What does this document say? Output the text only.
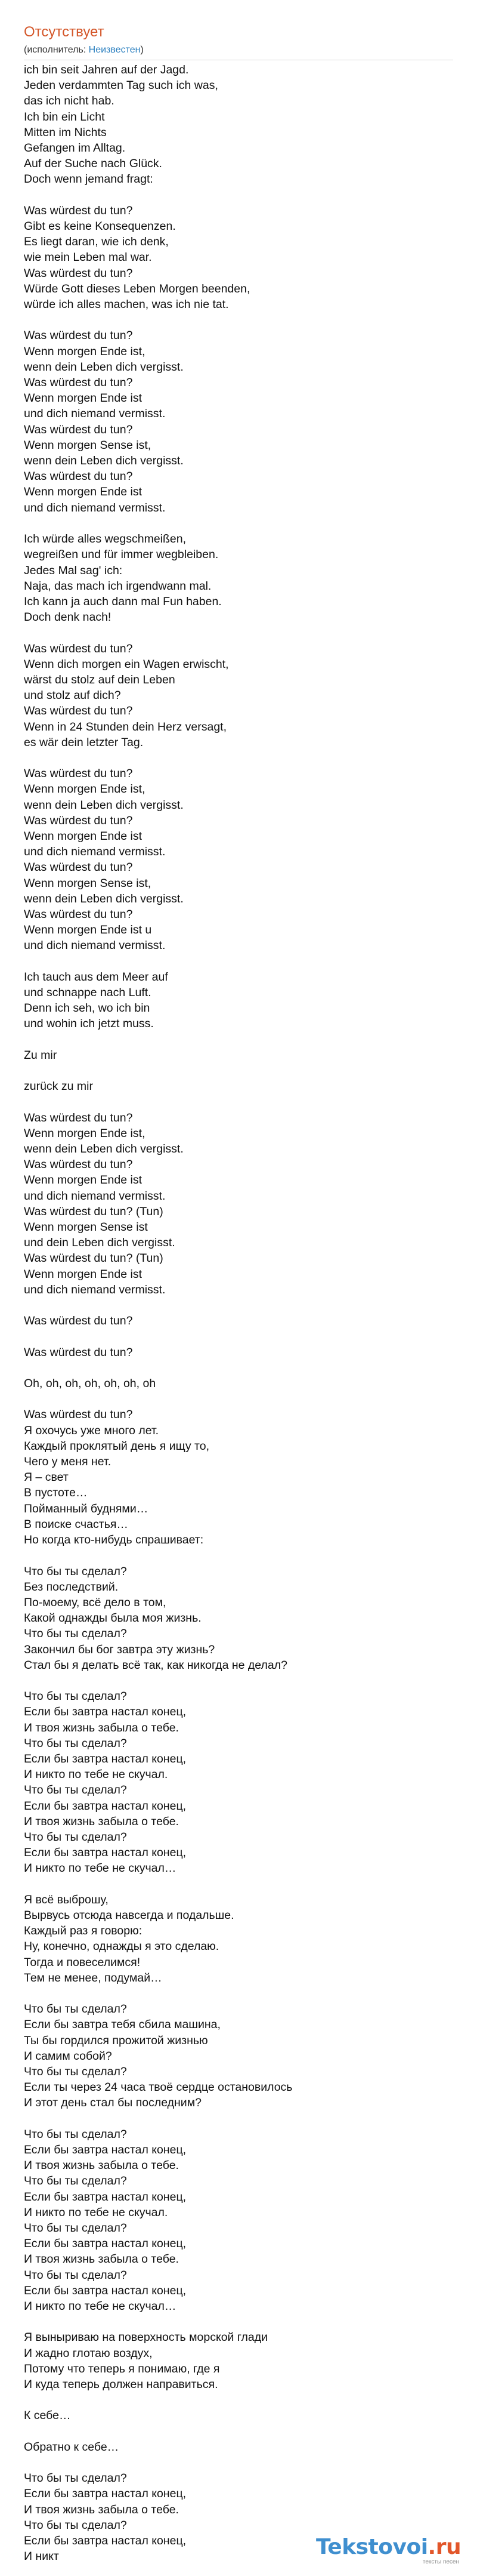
Отсутствует
(исполнитель: Неизвестен)
ich bin seit Jahren auf der Jagd.
Jeden verdammten Tag such ich was,
das ich nicht hab.
Ich bin ein Licht
Mitten im Nichts
Gefangen im Alltag.
Auf der Suche nach Glück.
Doch wenn jemand fragt:

Was würdest du tun?
Gibt es keine Konsequenzen.
Es liegt daran, wie ich denk,
wie mein Leben mal war.
Was würdest du tun?
Würde Gott dieses Leben Morgen beenden,
würde ich alles machen, was ich nie tat.

Was würdest du tun?
Wenn morgen Ende ist,
wenn dein Leben dich vergisst.
Was würdest du tun?
Wenn morgen Ende ist
und dich niemand vermisst.
Was würdest du tun?
Wenn morgen Sense ist,
wenn dein Leben dich vergisst.
Was würdest du tun?
Wenn morgen Ende ist
und dich niemand vermisst.

Ich würde alles wegschmeißen,
wegreißen und für immer wegbleiben.
Jedes Mal sag' ich:
Naja, das mach ich irgendwann mal.
Ich kann ja auch dann mal Fun haben.
Doch denk nach!

Was würdest du tun?
Wenn dich morgen ein Wagen erwischt,
wärst du stolz auf dein Leben
und stolz auf dich?
Was würdest du tun?
Wenn in 24 Stunden dein Herz versagt,
es wär dein letzter Tag.

Was würdest du tun?
Wenn morgen Ende ist,
wenn dein Leben dich vergisst.
Was würdest du tun?
Wenn morgen Ende ist
und dich niemand vermisst.
Was würdest du tun?
Wenn morgen Sense ist,
wenn dein Leben dich vergisst.
Was würdest du tun?
Wenn morgen Ende ist u
und dich niemand vermisst.

Ich tauch aus dem Meer auf
und schnappe nach Luft.
Denn ich seh, wo ich bin
und wohin ich jetzt muss.

Zu mir

zurück zu mir

Was würdest du tun?
Wenn morgen Ende ist,
wenn dein Leben dich vergisst.
Was würdest du tun?
Wenn morgen Ende ist
und dich niemand vermisst.
Was würdest du tun? (Tun)
Wenn morgen Sense ist
und dein Leben dich vergisst.
Was würdest du tun? (Tun)
Wenn morgen Ende ist
und dich niemand vermisst.

Was würdest du tun?

Was würdest du tun?

Oh, oh, oh, oh, oh, oh, oh

Was würdest du tun?
Я охочусь уже много лет.
Каждый проклятый день я ищу то,
Чего у меня нет.
Я – свет
В пустоте…
Пойманный буднями…
В поиске счастья…
Но когда кто-нибудь спрашивает:

Что бы ты сделал?
Без последствий.
По-моему, всё дело в том,
Какой однажды была моя жизнь.
Что бы ты сделал?
Закончил бы бог завтра эту жизнь?
Стал бы я делать всё так, как никогда не делал?

Что бы ты сделал?
Если бы завтра настал конец,
И твоя жизнь забыла о тебе.
Что бы ты сделал?
Если бы завтра настал конец,
И никто по тебе не скучал.
Что бы ты сделал?
Если бы завтра настал конец,
И твоя жизнь забыла о тебе.
Что бы ты сделал?
Если бы завтра настал конец,
И никто по тебе не скучал…

Я всё выброшу,
Вырвусь отсюда навсегда и подальше.
Каждый раз я говорю:
Ну, конечно, однажды я это сделаю.
Тогда и повеселимся!
Тем не менее, подумай…

Что бы ты сделал?
Если бы завтра тебя сбила машина,
Ты бы гордился прожитой жизнью
И самим собой?
Что бы ты сделал?
Если ты через 24 часа твоё сердце остановилось
И этот день стал бы последним?

Что бы ты сделал?
Если бы завтра настал конец,
И твоя жизнь забыла о тебе.
Что бы ты сделал?
Если бы завтра настал конец,
И никто по тебе не скучал.
Что бы ты сделал?
Если бы завтра настал конец,
И твоя жизнь забыла о тебе.
Что бы ты сделал?
Если бы завтра настал конец,
И никто по тебе не скучал…

Я выныриваю на поверхность морской глади
И жадно глотаю воздух,
Потому что теперь я понимаю, где я
И куда теперь должен направиться.

К себе…

Обратно к себе…

Что бы ты сделал?
Если бы завтра настал конец,
И твоя жизнь забыла о тебе.
Что бы ты сделал?
Если бы завтра настал конец,
И никт	Tekstovoi.ru
тексты песен
